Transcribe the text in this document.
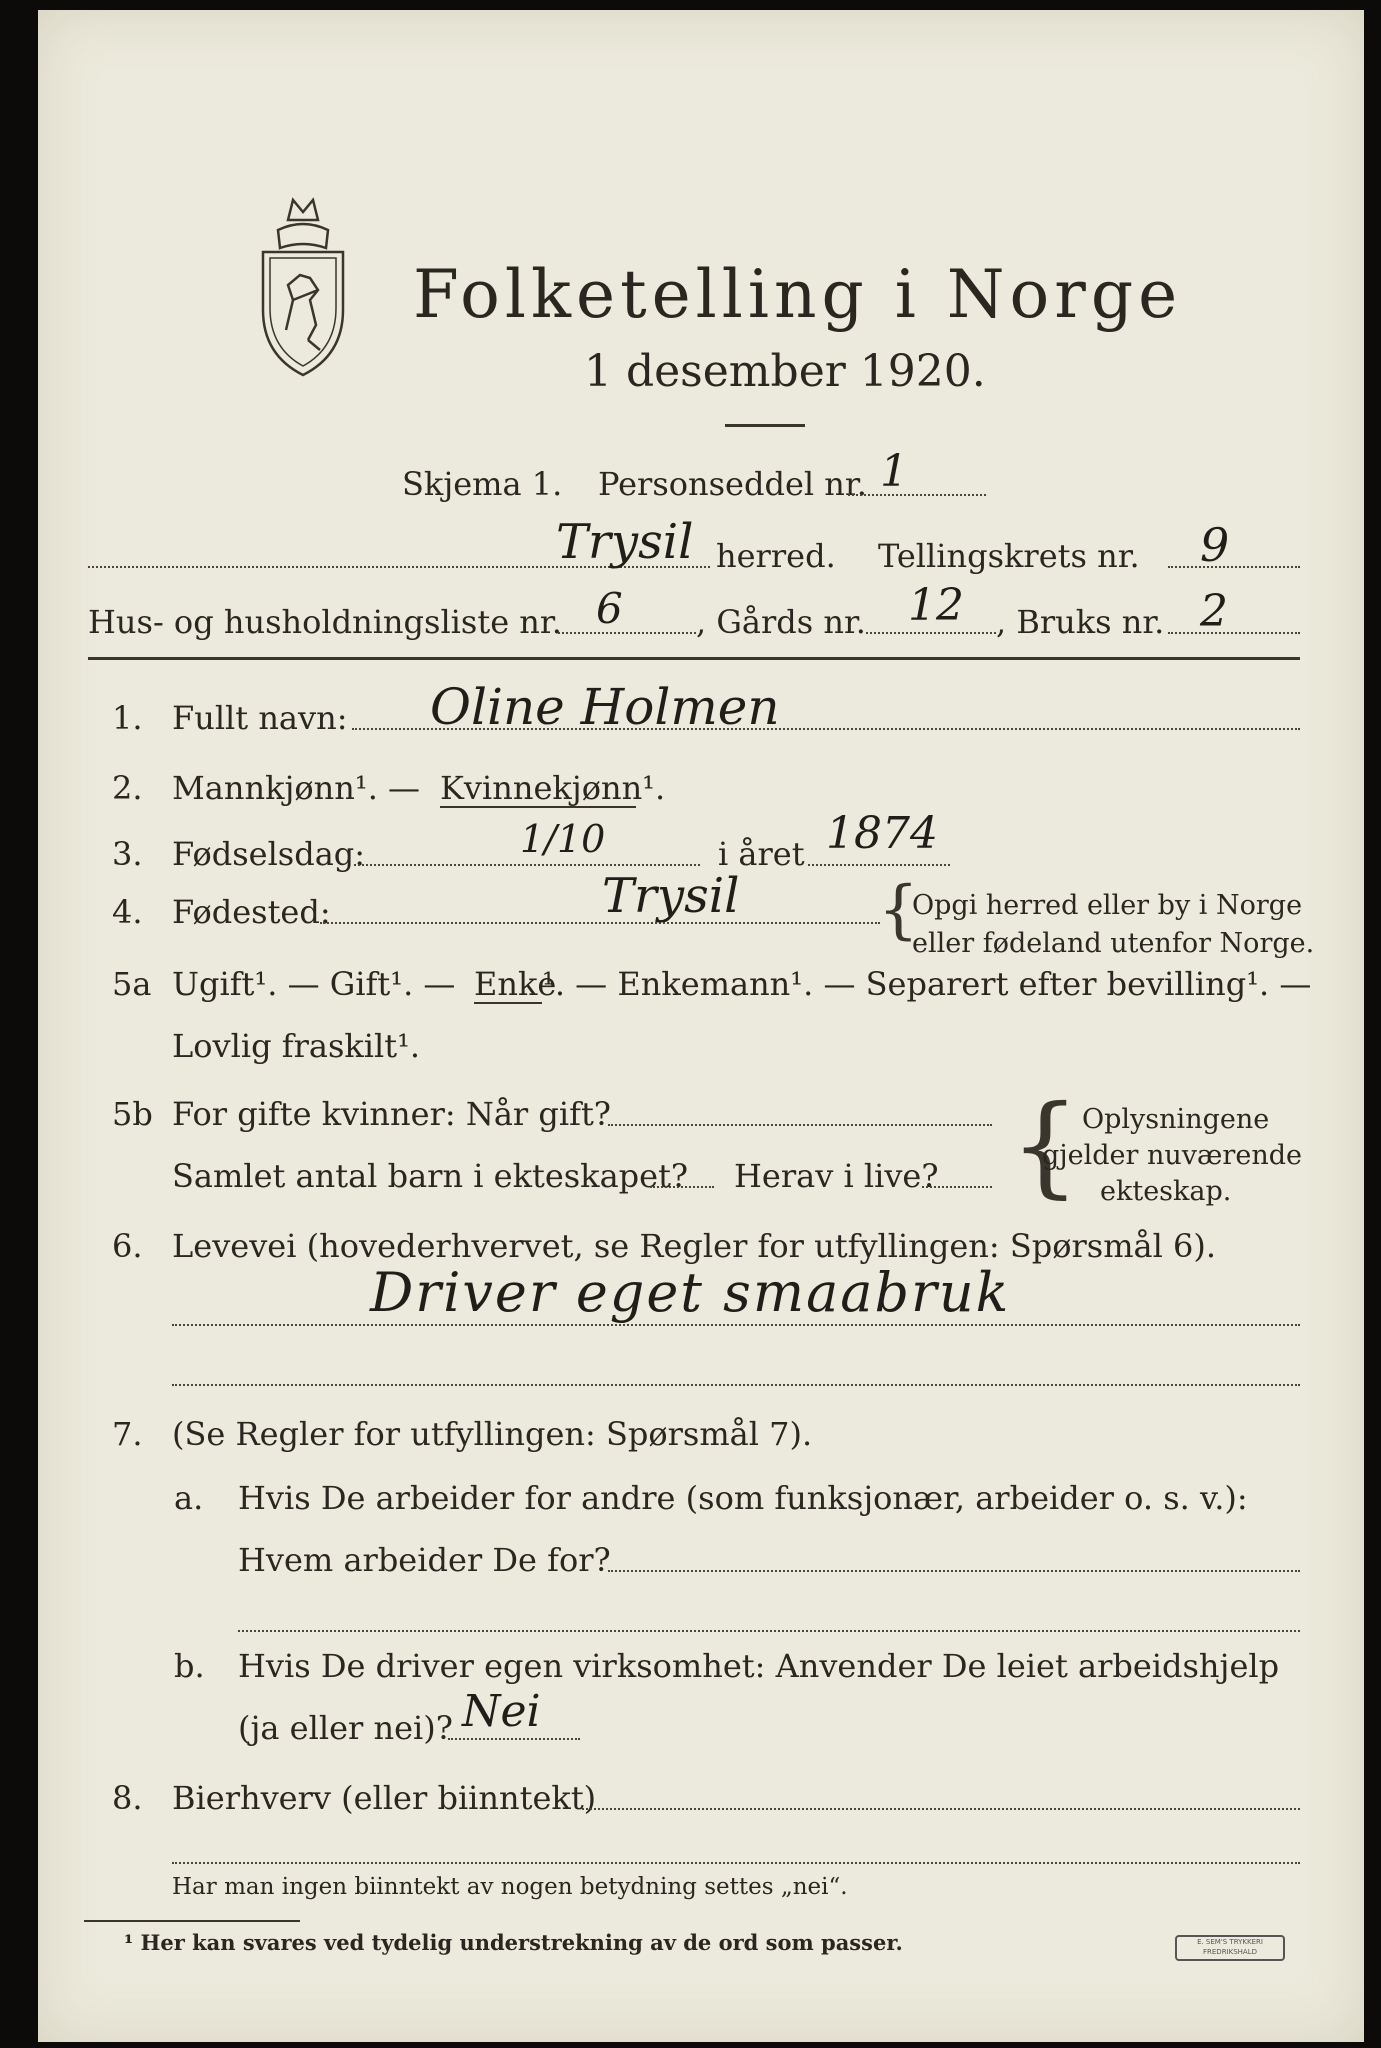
Folketelling i Norge
1 desember 1920.
Skjema 1. Personseddel nr. 1
Trysil herred. Tellingskrets nr. 9
Hus- og husholdningsliste nr. 6 , Gårds nr. 12 , Bruks nr. 2
1. Fullt navn: Oline Holmen
2. Mannkjønn¹. — Kvinnekjønn¹.
3. Fødselsdag:	1/10	i året 1874
4. Fødested:	Trysil {
Opgi herred eller by i Norge
eller fødeland utenfor Norge.
5a Ugift¹. — Gift¹. — Enke
¹. — Enkemann¹. — Separert efter bevilling¹. —
Lovlig fraskilt¹.
5b For gifte kvinner: Når gift?
Samlet antal barn i ekteskapet? Herav i live? { Oplysningene
gjelder nuværende
ekteskap.
6. Levevei (hovederhvervet, se Regler for utfyllingen: Spørsmål 6).
Driver eget smaabruk
7. (Se Regler for utfyllingen: Spørsmål 7).
a. Hvis De arbeider for andre (som funksjonær, arbeider o. s. v.):
Hvem arbeider De for?
b. Hvis De driver egen virksomhet: Anvender De leiet arbeidshjelp
(ja eller nei)? Nei
8. Bierhverv (eller biinntekt)
Har man ingen biinntekt av nogen betydning settes „nei“.
¹ Her kan svares ved tydelig understrekning av de ord som passer.	E. SEM'S TRYKKERI FREDRIKSHALD
